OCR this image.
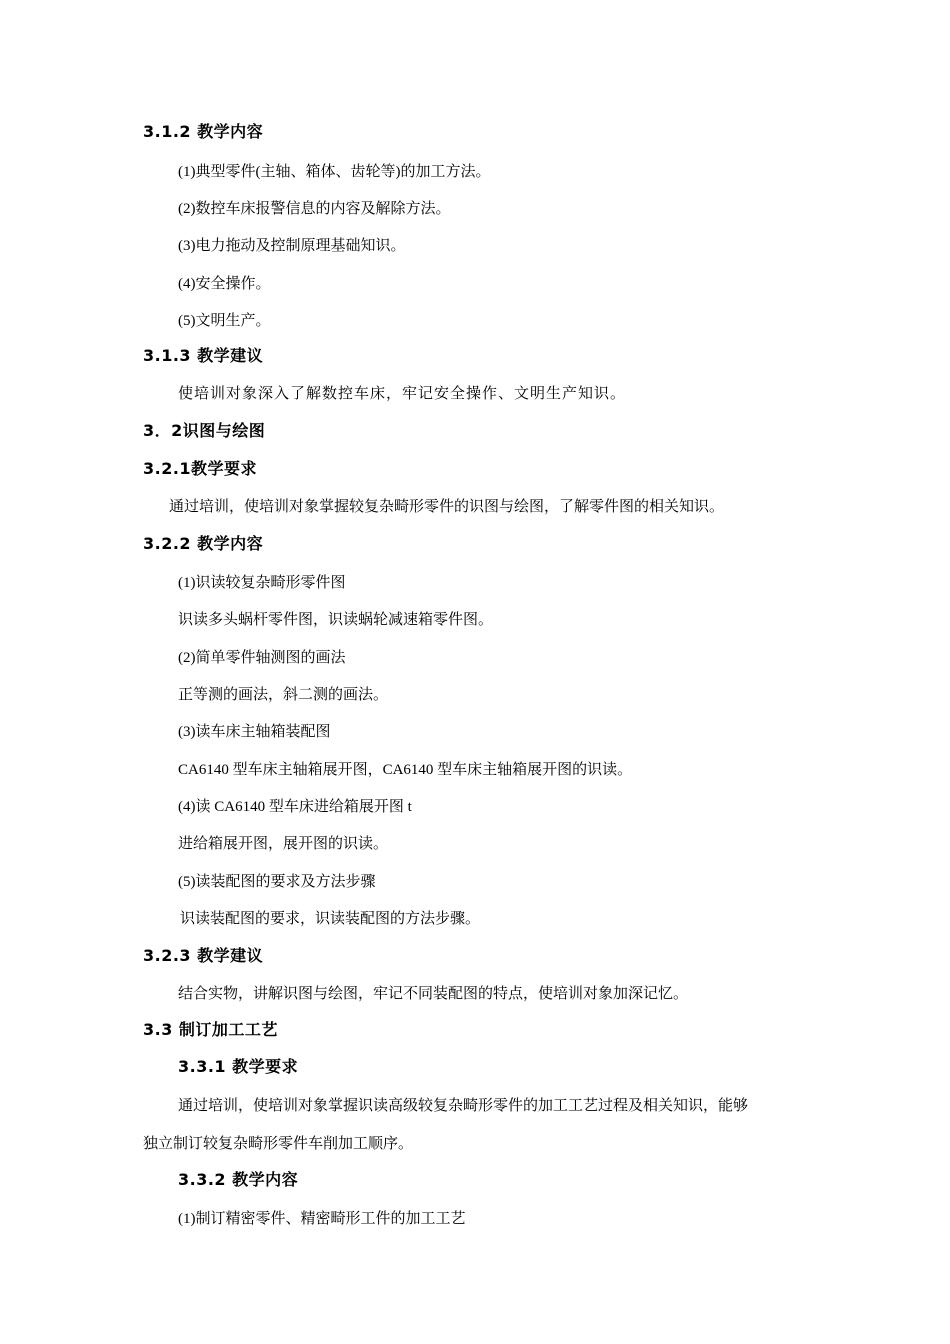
3.1.2 教学内容
(1)典型零件(主轴、箱体、齿轮等)的加工方法。
(2)数控车床报警信息的内容及解除方法。
(3)电力拖动及控制原理基础知识。
(4)安全操作。
(5)文明生产。
3.1.3 教学建议
使培训对象深入了解数控车床，牢记安全操作、文明生产知识。
3．2识图与绘图
3.2.1教学要求
通过培训，使培训对象掌握较复杂畸形零件的识图与绘图，了解零件图的相关知识。
3.2.2 教学内容
(1)识读较复杂畸形零件图
识读多头蜗杆零件图，识读蜗轮减速箱零件图。
(2)简单零件轴测图的画法
正等测的画法，斜二测的画法。
(3)读车床主轴箱装配图
CA6140 型车床主轴箱展开图，CA6140 型车床主轴箱展开图的识读。
(4)读 CA6140 型车床进给箱展开图 t
进给箱展开图，展开图的识读。
(5)读装配图的要求及方法步骤
识读装配图的要求，识读装配图的方法步骤。
3.2.3 教学建议
结合实物，讲解识图与绘图，牢记不同装配图的特点，使培训对象加深记忆。
3.3 制订加工工艺
3.3.1 教学要求
通过培训，使培训对象掌握识读高级较复杂畸形零件的加工工艺过程及相关知识，能够
独立制订较复杂畸形零件车削加工顺序。
3.3.2 教学内容
(1)制订精密零件、精密畸形工件的加工工艺
